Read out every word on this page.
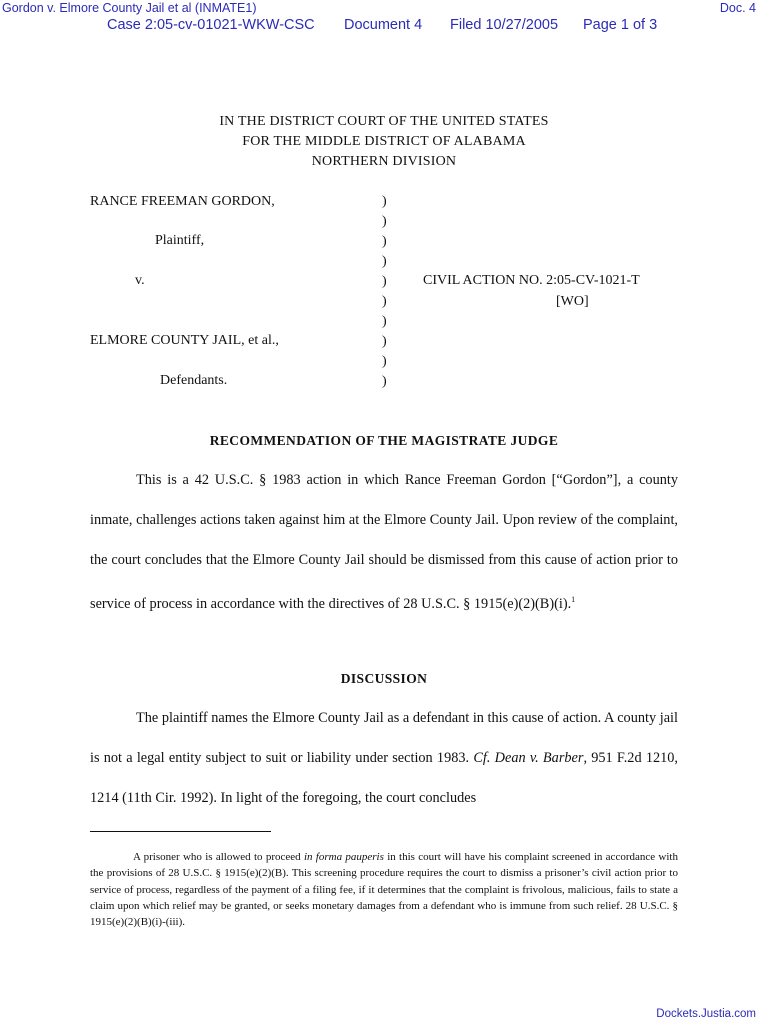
Gordon v. Elmore County Jail et al (INMATE1)	Doc. 4
Case 2:05-cv-01021-WKW-CSC Document 4 Filed 10/27/2005 Page 1 of 3
IN THE DISTRICT COURT OF THE UNITED STATES
FOR THE MIDDLE DISTRICT OF ALABAMA
NORTHERN DIVISION
RANCE FREEMAN GORDON,
Plaintiff,
v.
ELMORE COUNTY JAIL, et al.,
Defendants.
)
)
)
)
)
)
)
)
)
)
CIVIL ACTION NO. 2:05-CV-1021-T
[WO]
RECOMMENDATION OF THE MAGISTRATE JUDGE
This is a 42 U.S.C. § 1983 action in which Rance Freeman Gordon [“Gordon”], a county inmate, challenges actions taken against him at the Elmore County Jail. Upon review of the complaint, the court concludes that the Elmore County Jail should be dismissed from this cause of action prior to service of process in accordance with the directives of 28 U.S.C. § 1915(e)(2)(B)(i).$^1$
DISCUSSION
The plaintiff names the Elmore County Jail as a defendant in this cause of action. A county jail is not a legal entity subject to suit or liability under section 1983. Cf. Dean v. Barber, 951 F.2d 1210, 1214 (11th Cir. 1992). In light of the foregoing, the court concludes
A prisoner who is allowed to proceed in forma pauperis in this court will have his complaint screened in accordance with the provisions of 28 U.S.C. § 1915(e)(2)(B). This screening procedure requires the court to dismiss a prisoner’s civil action prior to service of process, regardless of the payment of a filing fee, if it determines that the complaint is frivolous, malicious, fails to state a claim upon which relief may be granted, or seeks monetary damages from a defendant who is immune from such relief. 28 U.S.C. § 1915(e)(2)(B)(i)-(iii).
Dockets.Justia.com
